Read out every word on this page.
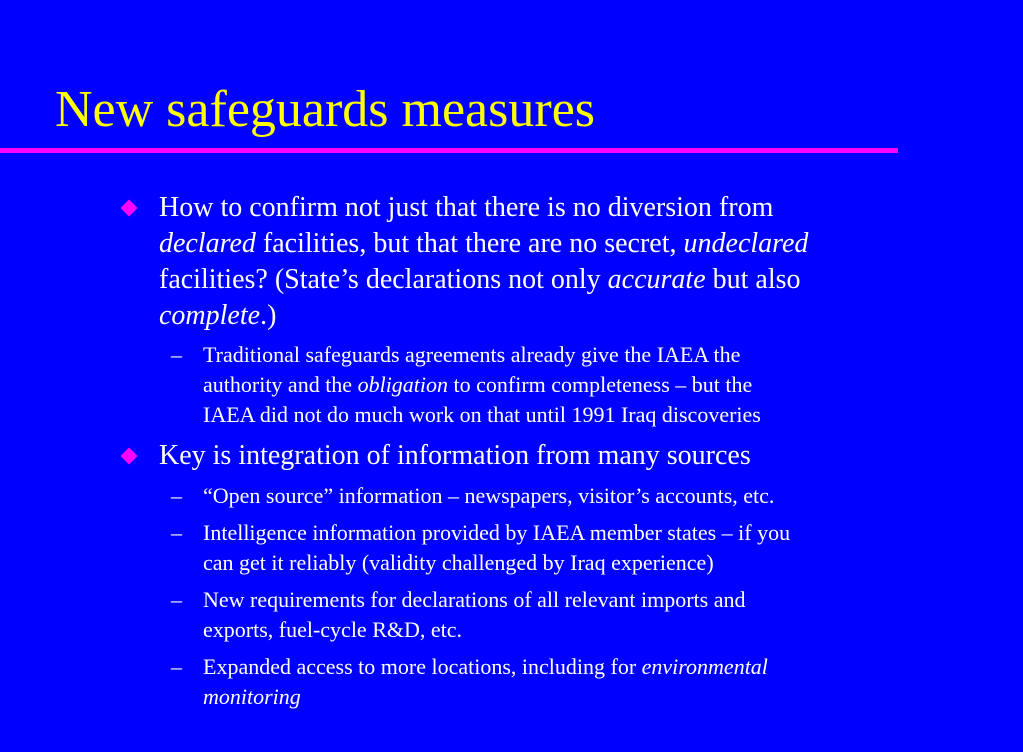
New safeguards measures
How to confirm not just that there is no diversion from
declared facilities, but that there are no secret, undeclared
facilities? (State’s declarations not only accurate but also
complete.)
– Traditional safeguards agreements already give the IAEA the
authority and the obligation to confirm completeness – but the
IAEA did not do much work on that until 1991 Iraq discoveries
Key is integration of information from many sources
– “Open source” information – newspapers, visitor’s accounts, etc.
– Intelligence information provided by IAEA member states – if you
can get it reliably (validity challenged by Iraq experience)
– New requirements for declarations of all relevant imports and
exports, fuel-cycle R&D, etc.
– Expanded access to more locations, including for environmental
monitoring
